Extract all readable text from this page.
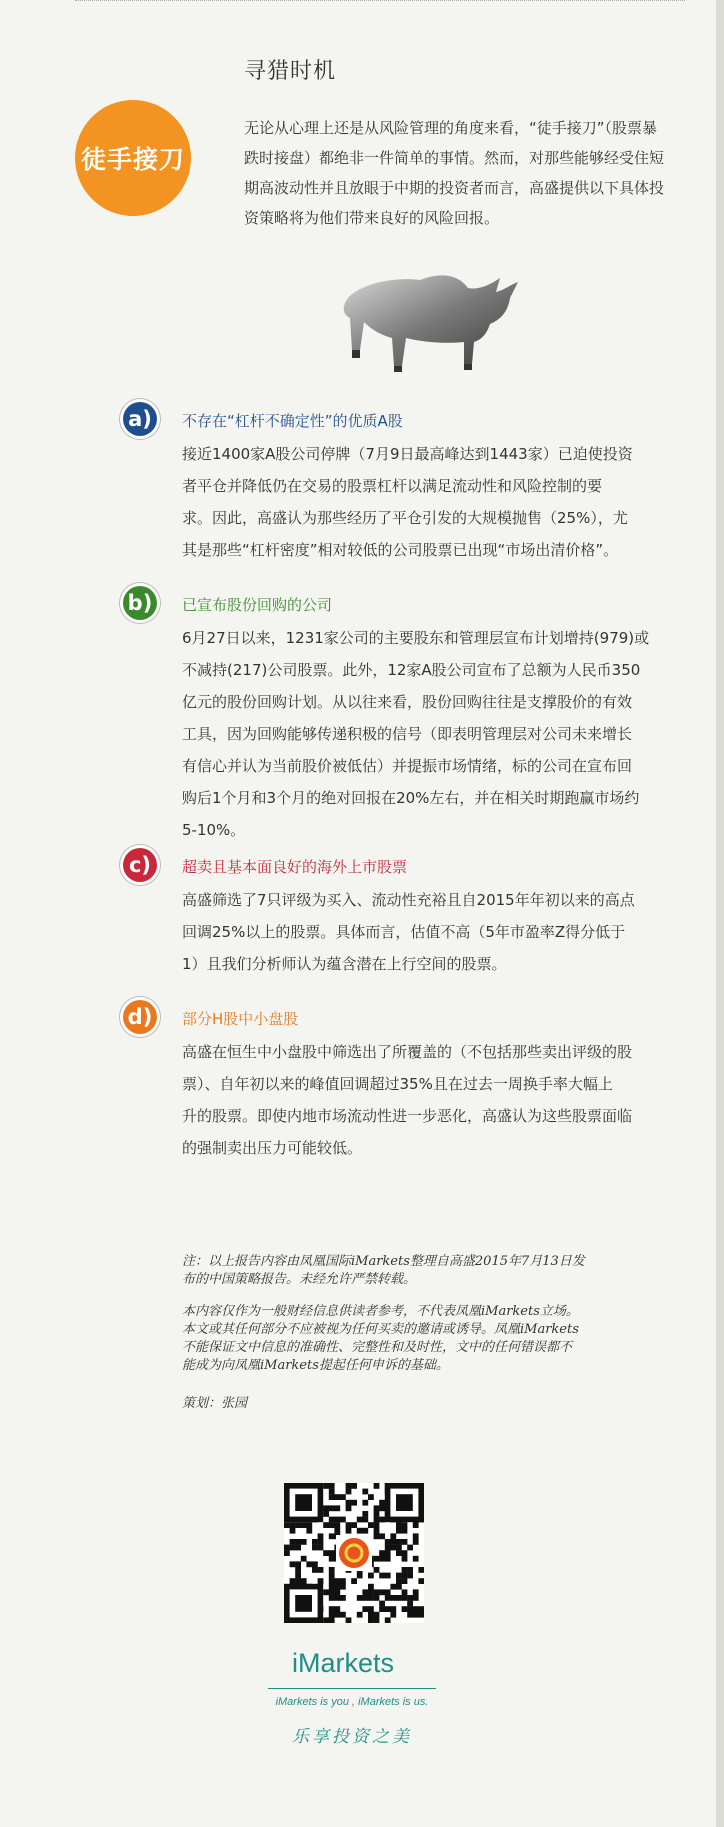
寻猎时机
徒手接刀
无论从心理上还是从风险管理的角度来看，“徒手接刀”（股票暴跌时接盘）都绝非一件简单的事情。然而，对那些能够经受住短期高波动性并且放眼于中期的投资者而言，高盛提供以下具体投资策略将为他们带来良好的风险回报。
a)	不存在“杠杆不确定性”的优质A股
接近1400家A股公司停牌（7月9日最高峰达到1443家）已迫使投资
者平仓并降低仍在交易的股票杠杆以满足流动性和风险控制的要
求。因此，高盛认为那些经历了平仓引发的大规模抛售（25%），尤
其是那些“杠杆密度”相对较低的公司股票已出现“市场出清价格”。
b)	已宣布股份回购的公司
6月27日以来，1231家公司的主要股东和管理层宣布计划增持(979)或
不减持(217)公司股票。此外，12家A股公司宣布了总额为人民币350
亿元的股份回购计划。从以往来看，股份回购往往是支撑股价的有效
工具，因为回购能够传递积极的信号（即表明管理层对公司未来增长
有信心并认为当前股价被低估）并提振市场情绪，标的公司在宣布回
购后1个月和3个月的绝对回报在20%左右，并在相关时期跑赢市场约
5-10%。
c)	超卖且基本面良好的海外上市股票
高盛筛选了7只评级为买入、流动性充裕且自2015年年初以来的高点
回调25%以上的股票。具体而言，估值不高（5年市盈率Z得分低于
1）且我们分析师认为蕴含潜在上行空间的股票。
d)	部分H股中小盘股
高盛在恒生中小盘股中筛选出了所覆盖的（不包括那些卖出评级的股
票）、自年初以来的峰值回调超过35%且在过去一周换手率大幅上
升的股票。即使内地市场流动性进一步恶化，高盛认为这些股票面临
的强制卖出压力可能较低。
注：以上报告内容由凤凰国际iMarkets整理自高盛2015年7月13日发
布的中国策略报告。未经允许严禁转载。
本内容仅作为一般财经信息供读者参考，不代表凤凰iMarkets立场。
本文或其任何部分不应被视为任何买卖的邀请或诱导。凤凰iMarkets
不能保证文中信息的准确性、完整性和及时性，文中的任何错误都不
能成为向凤凰iMarkets提起任何申诉的基础。
策划：张园
iMarkets
iMarkets is you , iMarkets is us.
乐享投资之美
